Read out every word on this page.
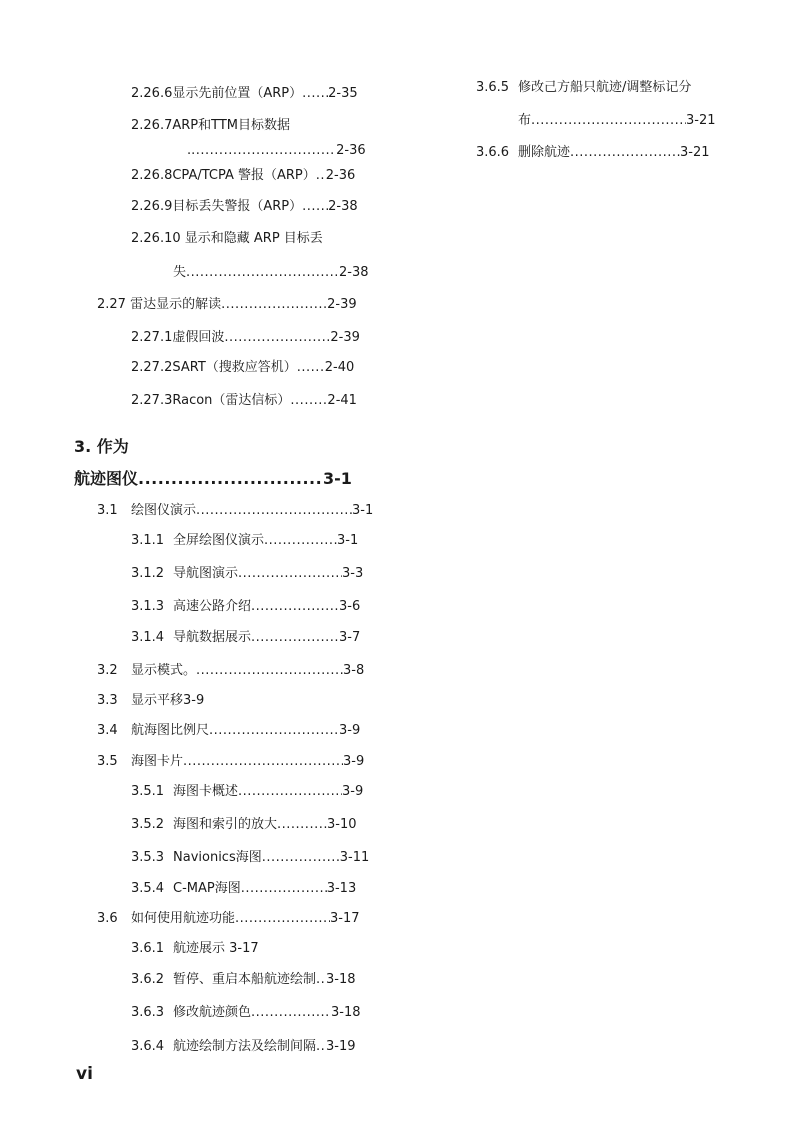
2.26.6显示先前位置（ARP） ..... 2-35
2.26.7ARP和TTM目标数据
. .....	2-36
2.26.8CPA/TCPA 警报（ARP） ..... 2-36
2.26.9目标丢失警报（ARP） ..... 2-38
2.26.10 显示和隐藏 ARP 目标丢
失 .....	2-38
2.27 雷达显示的解读 .....	2-39
2.27.1虚假回波 .....	2-39
2.27.2SART（搜救应答机） ..... 2-40
2.27.3Racon（雷达信标） .....	2-41
3. 作为
航迹图仪 .....	3-1
3.1 绘图仪演示 .....	3-1
3.1.1 全屏绘图仪演示 .....	3-1
3.1.2 导航图演示 .....	3-3
3.1.3 高速公路介绍 .....	3-6
3.1.4 导航数据展示 .....	3-7
3.2 显示模式。 .....	3-8
3.3 显示平移3-9
3.4 航海图比例尺 .....	3-9
3.5 海图卡片 .....	3-9
3.5.1 海图卡概述 .....	3-9
3.5.2 海图和索引的放大 .....	3-10
3.5.3 Navionics海图 .....	3-11
3.5.4 C-MAP海图 .....	3-13
3.6 如何使用航迹功能 .....	3-17
3.6.1 航迹展示 3-17
3.6.2 暂停、重启本船航迹绘制 ..... 3-18
3.6.3 修改航迹颜色 .....	3-18
3.6.4 航迹绘制方法及绘制间隔 ..... 3-19
3.6.5 修改己方船只航迹/调整标记分
布 .....	3-21
3.6.6 删除航迹 .....	3-21
vi
